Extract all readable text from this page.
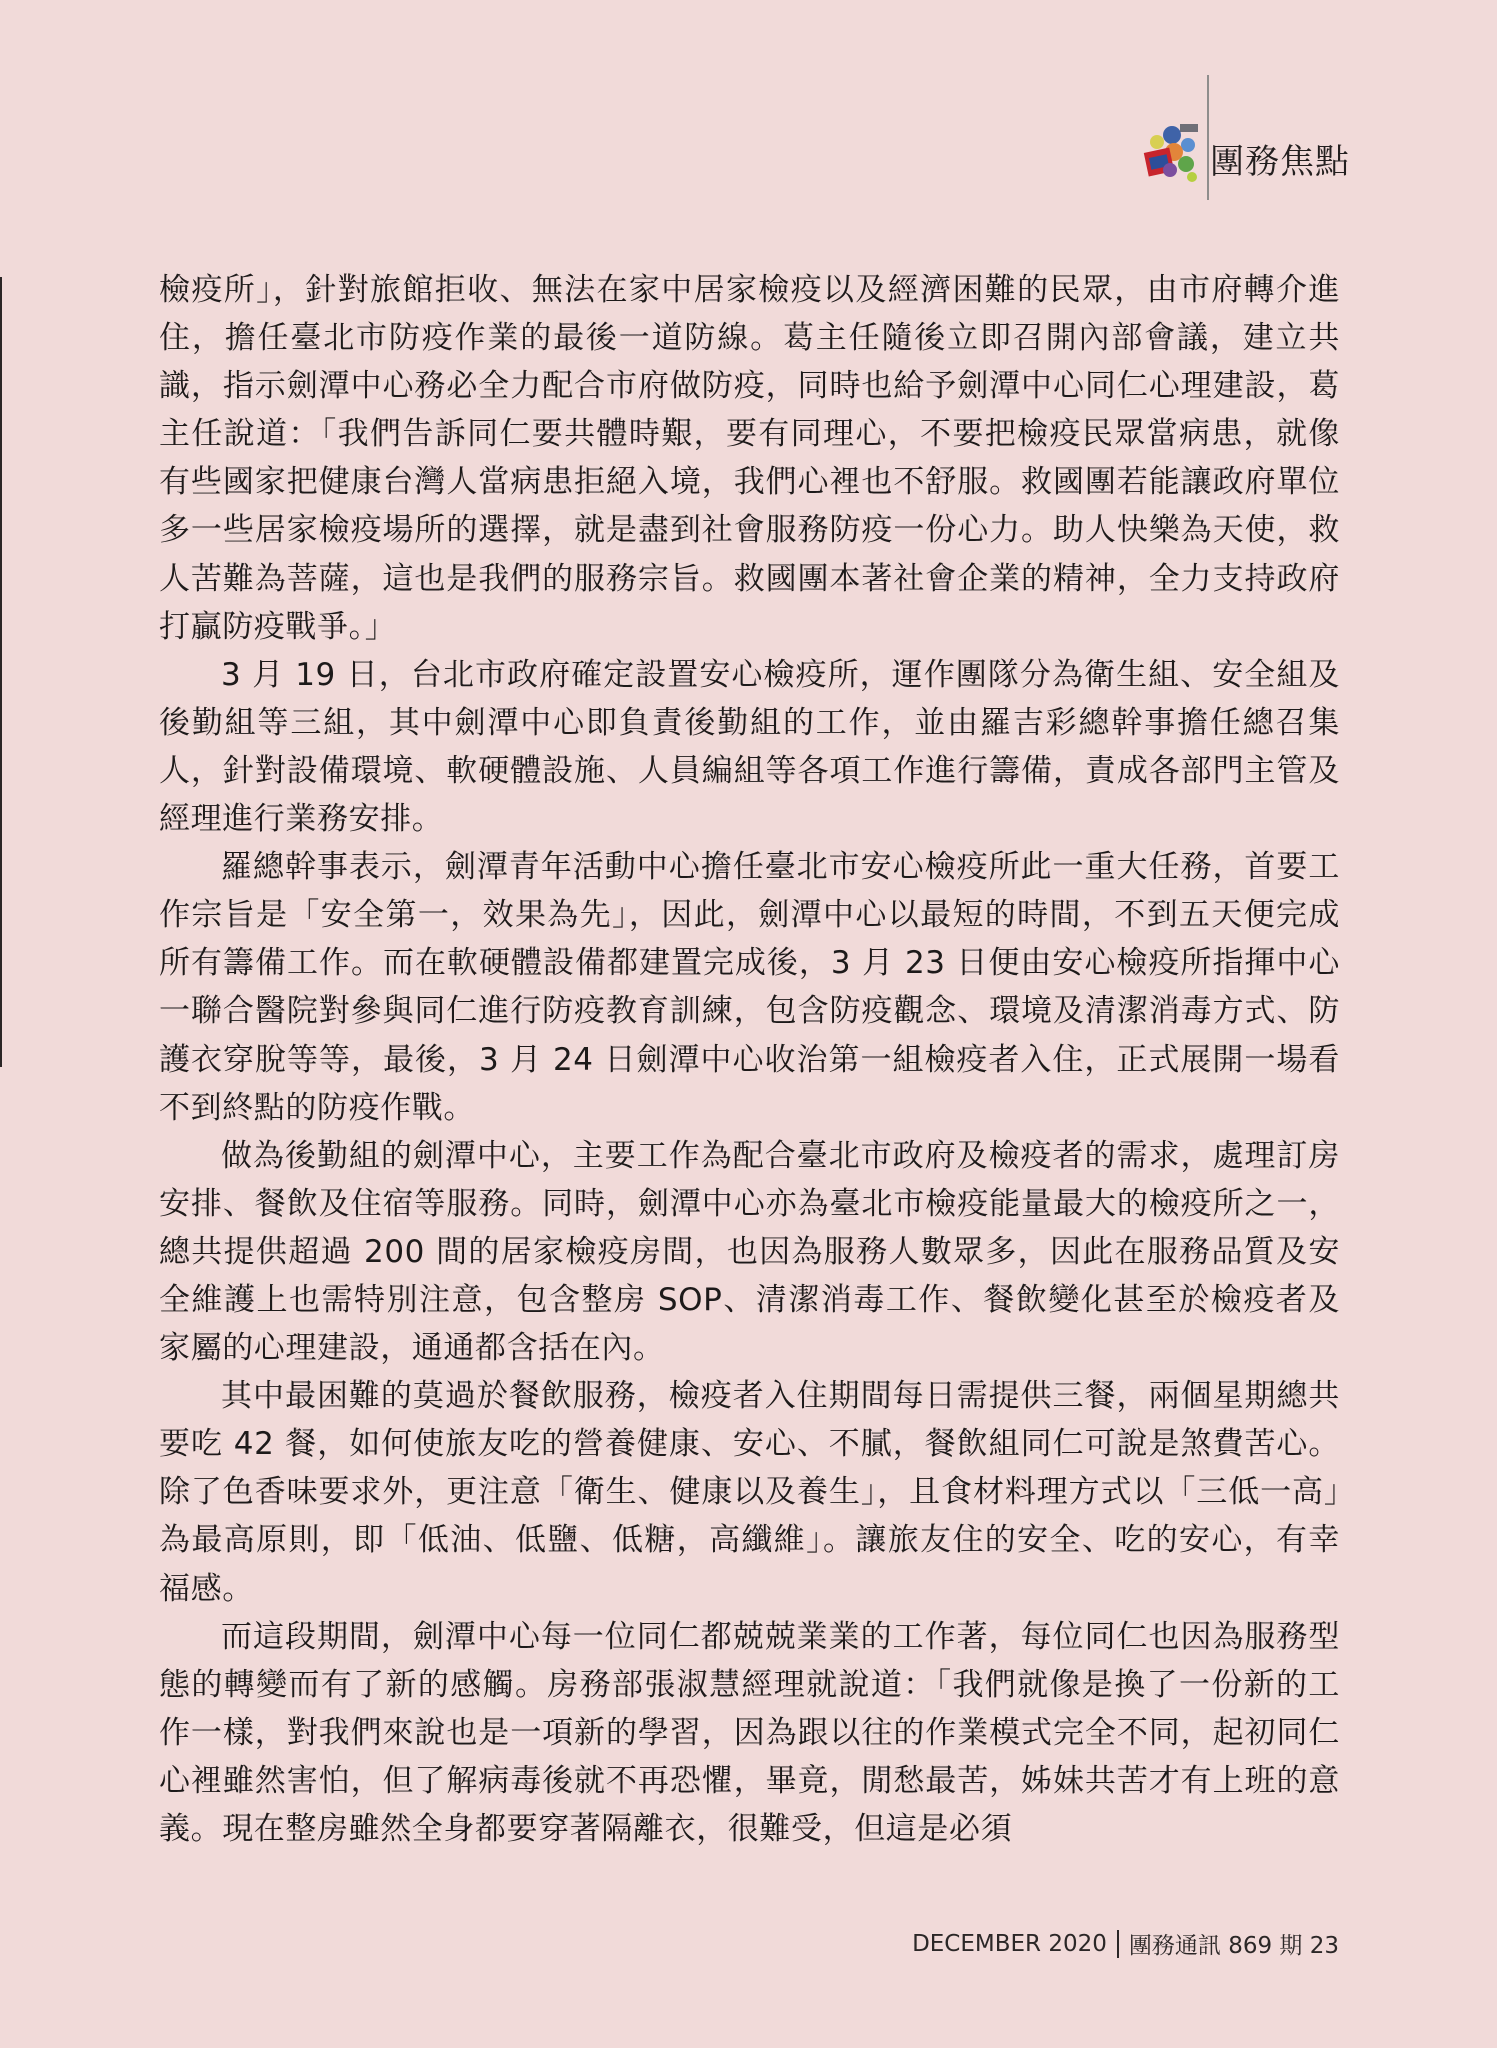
團務焦點

檢疫所」，針對旅館拒收、無法在家中居家檢疫以及經濟困難的民眾，由市府轉介進住，擔任臺北市防疫作業的最後一道防線。葛主任隨後立即召開內部會議，建立共識，指示劍潭中心務必全力配合市府做防疫，同時也給予劍潭中心同仁心理建設，葛主任說道：「我們告訴同仁要共體時艱，要有同理心，不要把檢疫民眾當病患，就像有些國家把健康台灣人當病患拒絕入境，我們心裡也不舒服。救國團若能讓政府單位多一些居家檢疫場所的選擇，就是盡到社會服務防疫一份心力。助人快樂為天使，救人苦難為菩薩，這也是我們的服務宗旨。救國團本著社會企業的精神，全力支持政府打贏防疫戰爭。」

3 月 19 日，台北市政府確定設置安心檢疫所，運作團隊分為衛生組、安全組及後勤組等三組，其中劍潭中心即負責後勤組的工作，並由羅吉彩總幹事擔任總召集人，針對設備環境、軟硬體設施、人員編組等各項工作進行籌備，責成各部門主管及經理進行業務安排。

羅總幹事表示，劍潭青年活動中心擔任臺北市安心檢疫所此一重大任務，首要工作宗旨是「安全第一，效果為先」，因此，劍潭中心以最短的時間，不到五天便完成所有籌備工作。而在軟硬體設備都建置完成後，3 月 23 日便由安心檢疫所指揮中心一聯合醫院對參與同仁進行防疫教育訓練，包含防疫觀念、環境及清潔消毒方式、防護衣穿脫等等，最後，3 月 24 日劍潭中心收治第一組檢疫者入住，正式展開一場看不到終點的防疫作戰。

做為後勤組的劍潭中心，主要工作為配合臺北市政府及檢疫者的需求，處理訂房安排、餐飲及住宿等服務。同時，劍潭中心亦為臺北市檢疫能量最大的檢疫所之一，總共提供超過 200 間的居家檢疫房間，也因為服務人數眾多，因此在服務品質及安全維護上也需特別注意，包含整房 SOP、清潔消毒工作、餐飲變化甚至於檢疫者及家屬的心理建設，通通都含括在內。

其中最困難的莫過於餐飲服務，檢疫者入住期間每日需提供三餐，兩個星期總共要吃 42 餐，如何使旅友吃的營養健康、安心、不膩，餐飲組同仁可說是煞費苦心。除了色香味要求外，更注意「衛生、健康以及養生」，且食材料理方式以「三低一高」為最高原則，即「低油、低鹽、低糖，高纖維」。讓旅友住的安全、吃的安心，有幸福感。

而這段期間，劍潭中心每一位同仁都兢兢業業的工作著，每位同仁也因為服務型態的轉變而有了新的感觸。房務部張淑慧經理就說道：「我們就像是換了一份新的工作一樣，對我們來說也是一項新的學習，因為跟以往的作業模式完全不同，起初同仁心裡雖然害怕，但了解病毒後就不再恐懼，畢竟，閒愁最苦，姊妹共苦才有上班的意義。現在整房雖然全身都要穿著隔離衣，很難受，但這是必須

DECEMBER 2020 團務通訊 869 期 23
